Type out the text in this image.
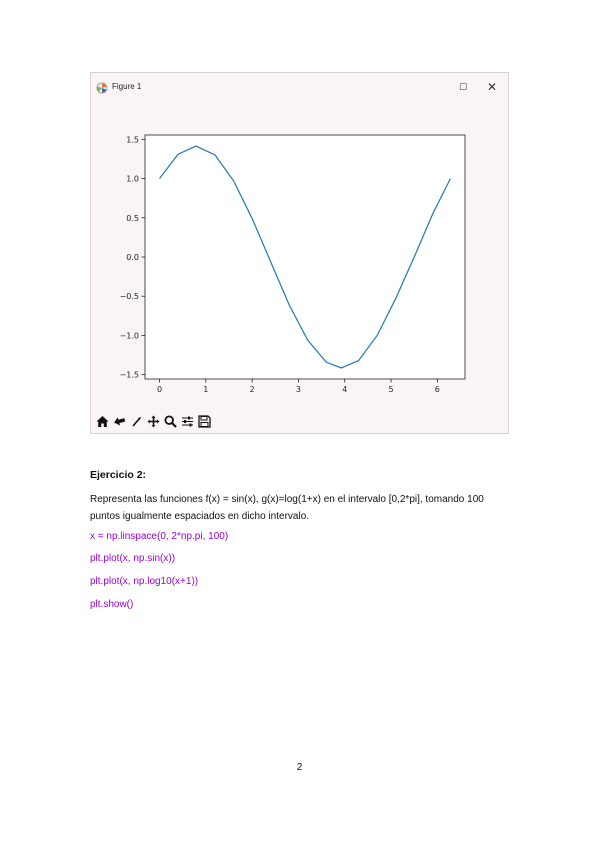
Figure 1	☐	✕
0	1	2	3	4	5	6
1.5
1.0
0.5
0.0
−0.5
−1.0
−1.5
Ejercicio 2:
Representa las funciones f(x) = sin(x), g(x)=log(1+x) en el intervalo [0,2*pi], tomando 100 puntos igualmente espaciados en dicho intervalo.
x = np.linspace(0, 2*np.pi, 100)
plt.plot(x, np.sin(x))
plt.plot(x, np.log10(x+1))
plt.show()
2
